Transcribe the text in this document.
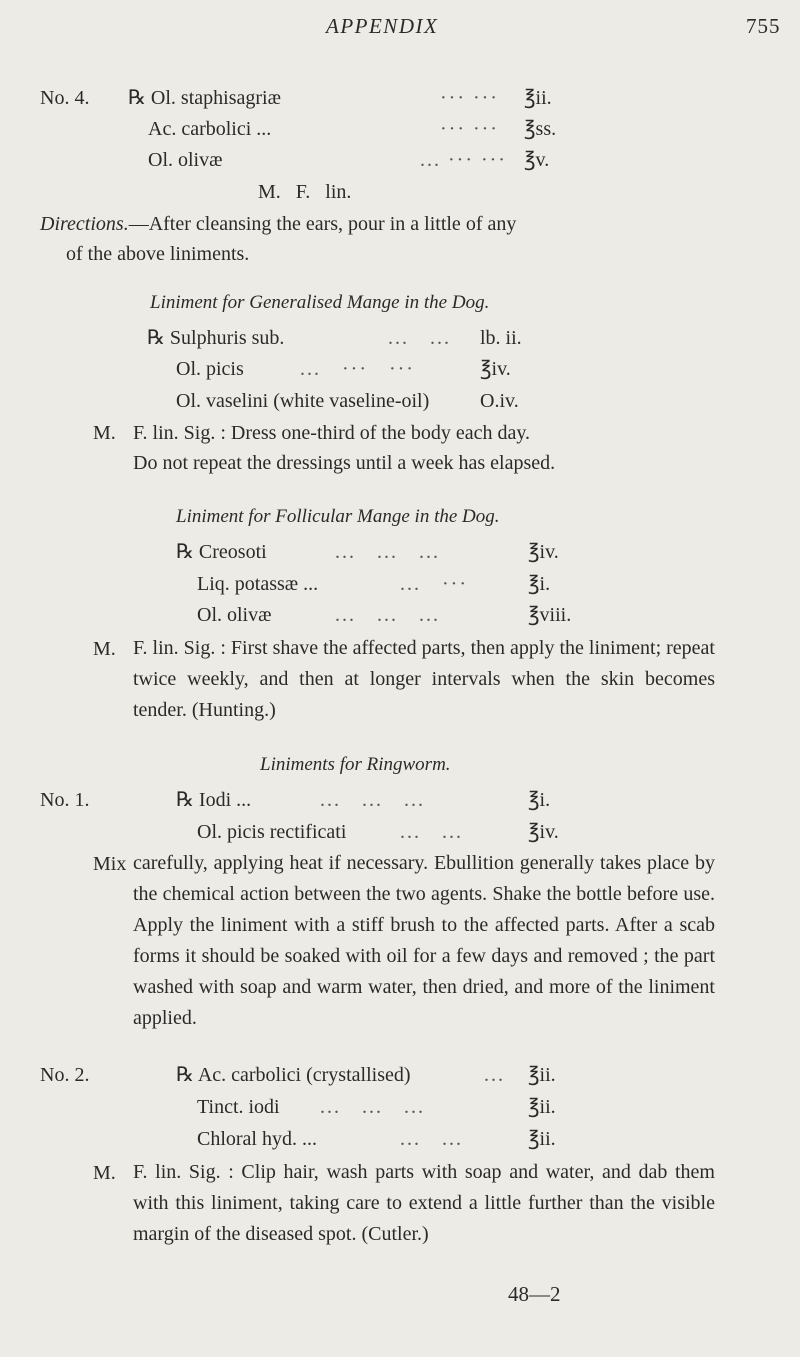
APPENDIX	755
No. 4. ℞ Ol. staphisagriæ	··· ··· ℥ii.
Ac. carbolici ...	··· ··· ℥ss.
Ol. olivæ	... ··· ··· ℥v.
M.   F.   lin.
Directions.—After cleansing the ears, pour in a little of any
of the above liniments.
Liniment for Generalised Mange in the Dog.
℞ Sulphuris sub.	...   ... lb. ii.
Ol. picis	...   ···   ···	℥iv.
Ol. vaselini (white vaseline-oil)	O.iv.
M. F. lin. Sig. : Dress one-third of the body each day.
Do not repeat the dressings until a week has elapsed.
Liniment for Follicular Mange in the Dog.
℞ Creosoti	...   ...   ...	℥iv.
Liq. potassæ ...	...   ···	℥i.
Ol. olivæ	...   ...   ...	℥viii.
M. F. lin. Sig. : First shave the affected parts, then apply the liniment; repeat twice weekly, and then at longer intervals when the skin becomes tender. (Hunting.)
Liniments for Ringworm.
No. 1.	℞ Iodi ...	...   ...   ...	℥i.
Ol. picis rectificati	...   ...	℥iv.
Mix carefully, applying heat if necessary. Ebullition generally takes place by the chemical action between the two agents. Shake the bottle before use. Apply the liniment with a stiff brush to the affected parts. After a scab forms it should be soaked with oil for a few days and removed ; the part washed with soap and warm water, then dried, and more of the liniment applied.
No. 2.	℞ Ac. carbolici (crystallised)	... ℥ii.
Tinct. iodi ...   ...   ...	℥ii.
Chloral hyd. ...	...   ...	℥ii.
M. F. lin. Sig. : Clip hair, wash parts with soap and water, and dab them with this liniment, taking care to extend a little further than the visible margin of the diseased spot. (Cutler.)
48—2
